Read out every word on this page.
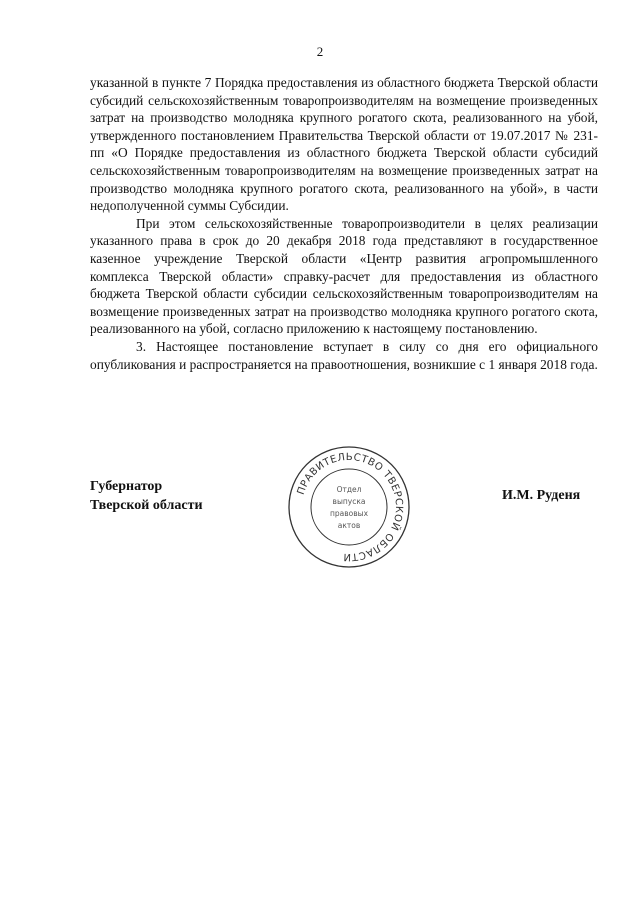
2

указанной в пункте 7 Порядка предоставления из областного бюджета Тверской области субсидий сельскохозяйственным товаропроизводителям на возмещение произведенных затрат на производство молодняка крупного рогатого скота, реализованного на убой, утвержденного постановлением Правительства Тверской области от 19.07.2017 № 231-пп «О Порядке предоставления из областного бюджета Тверской области субсидий сельскохозяйственным товаропроизводителям на возмещение произведенных затрат на производство молодняка крупного рогатого скота, реализованного на убой», в части недополученной суммы Субсидии.

При этом сельскохозяйственные товаропроизводители в целях реализации указанного права в срок до 20 декабря 2018 года представляют в государственное казенное учреждение Тверской области «Центр развития агропромышленного комплекса Тверской области» справку-расчет для предоставления из областного бюджета Тверской области субсидии сельскохозяйственным товаропроизводителям на возмещение произведенных затрат на производство молодняка крупного рогатого скота, реализованного на убой, согласно приложению к настоящему постановлению.

3. Настоящее постановление вступает в силу со дня его официального опубликования и распространяется на правоотношения, возникшие с 1 января 2018 года.

Губернатор
Тверской области
ПРАВИТЕЛЬСТВО ТВЕРСКОЙ ОБЛАСТИ
Отдел
выпуска
правовых
актов
И.М. Руденя
